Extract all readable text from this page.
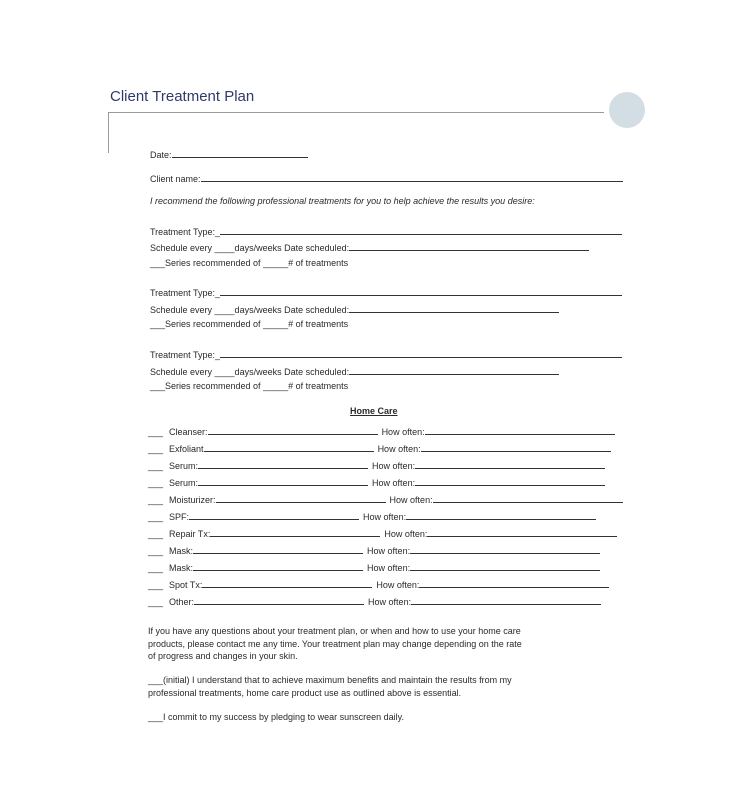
Client Treatment Plan
Date:
Client name:
I recommend the following professional treatments for you to help achieve the results you desire:
Treatment Type:_
Schedule every ____days/weeks Date scheduled:
___Series recommended of _____# of treatments
Treatment Type:_
Schedule every ____days/weeks Date scheduled:
___Series recommended of _____# of treatments
Treatment Type:_
Schedule every ____days/weeks Date scheduled:
___Series recommended of _____# of treatments
Home Care
___ Cleanser:	How often:
___ Exfoliant	How often:
___ Serum:	How often:
___ Serum:	How often:
___ Moisturizer:	How often:
___ SPF:	How often:
___ Repair Tx:	How often:
___ Mask:	How often:
___ Mask:	How often:
___ Spot Tx:	How often:
___ Other:	How often:
If you have any questions about your treatment plan, or when and how to use your home care
products, please contact me any time. Your treatment plan may change depending on the rate
of progress and changes in your skin.
___(initial) I understand that to achieve maximum benefits and maintain the results from my
professional treatments, home care product use as outlined above is essential.
___I commit to my success by pledging to wear sunscreen daily.
